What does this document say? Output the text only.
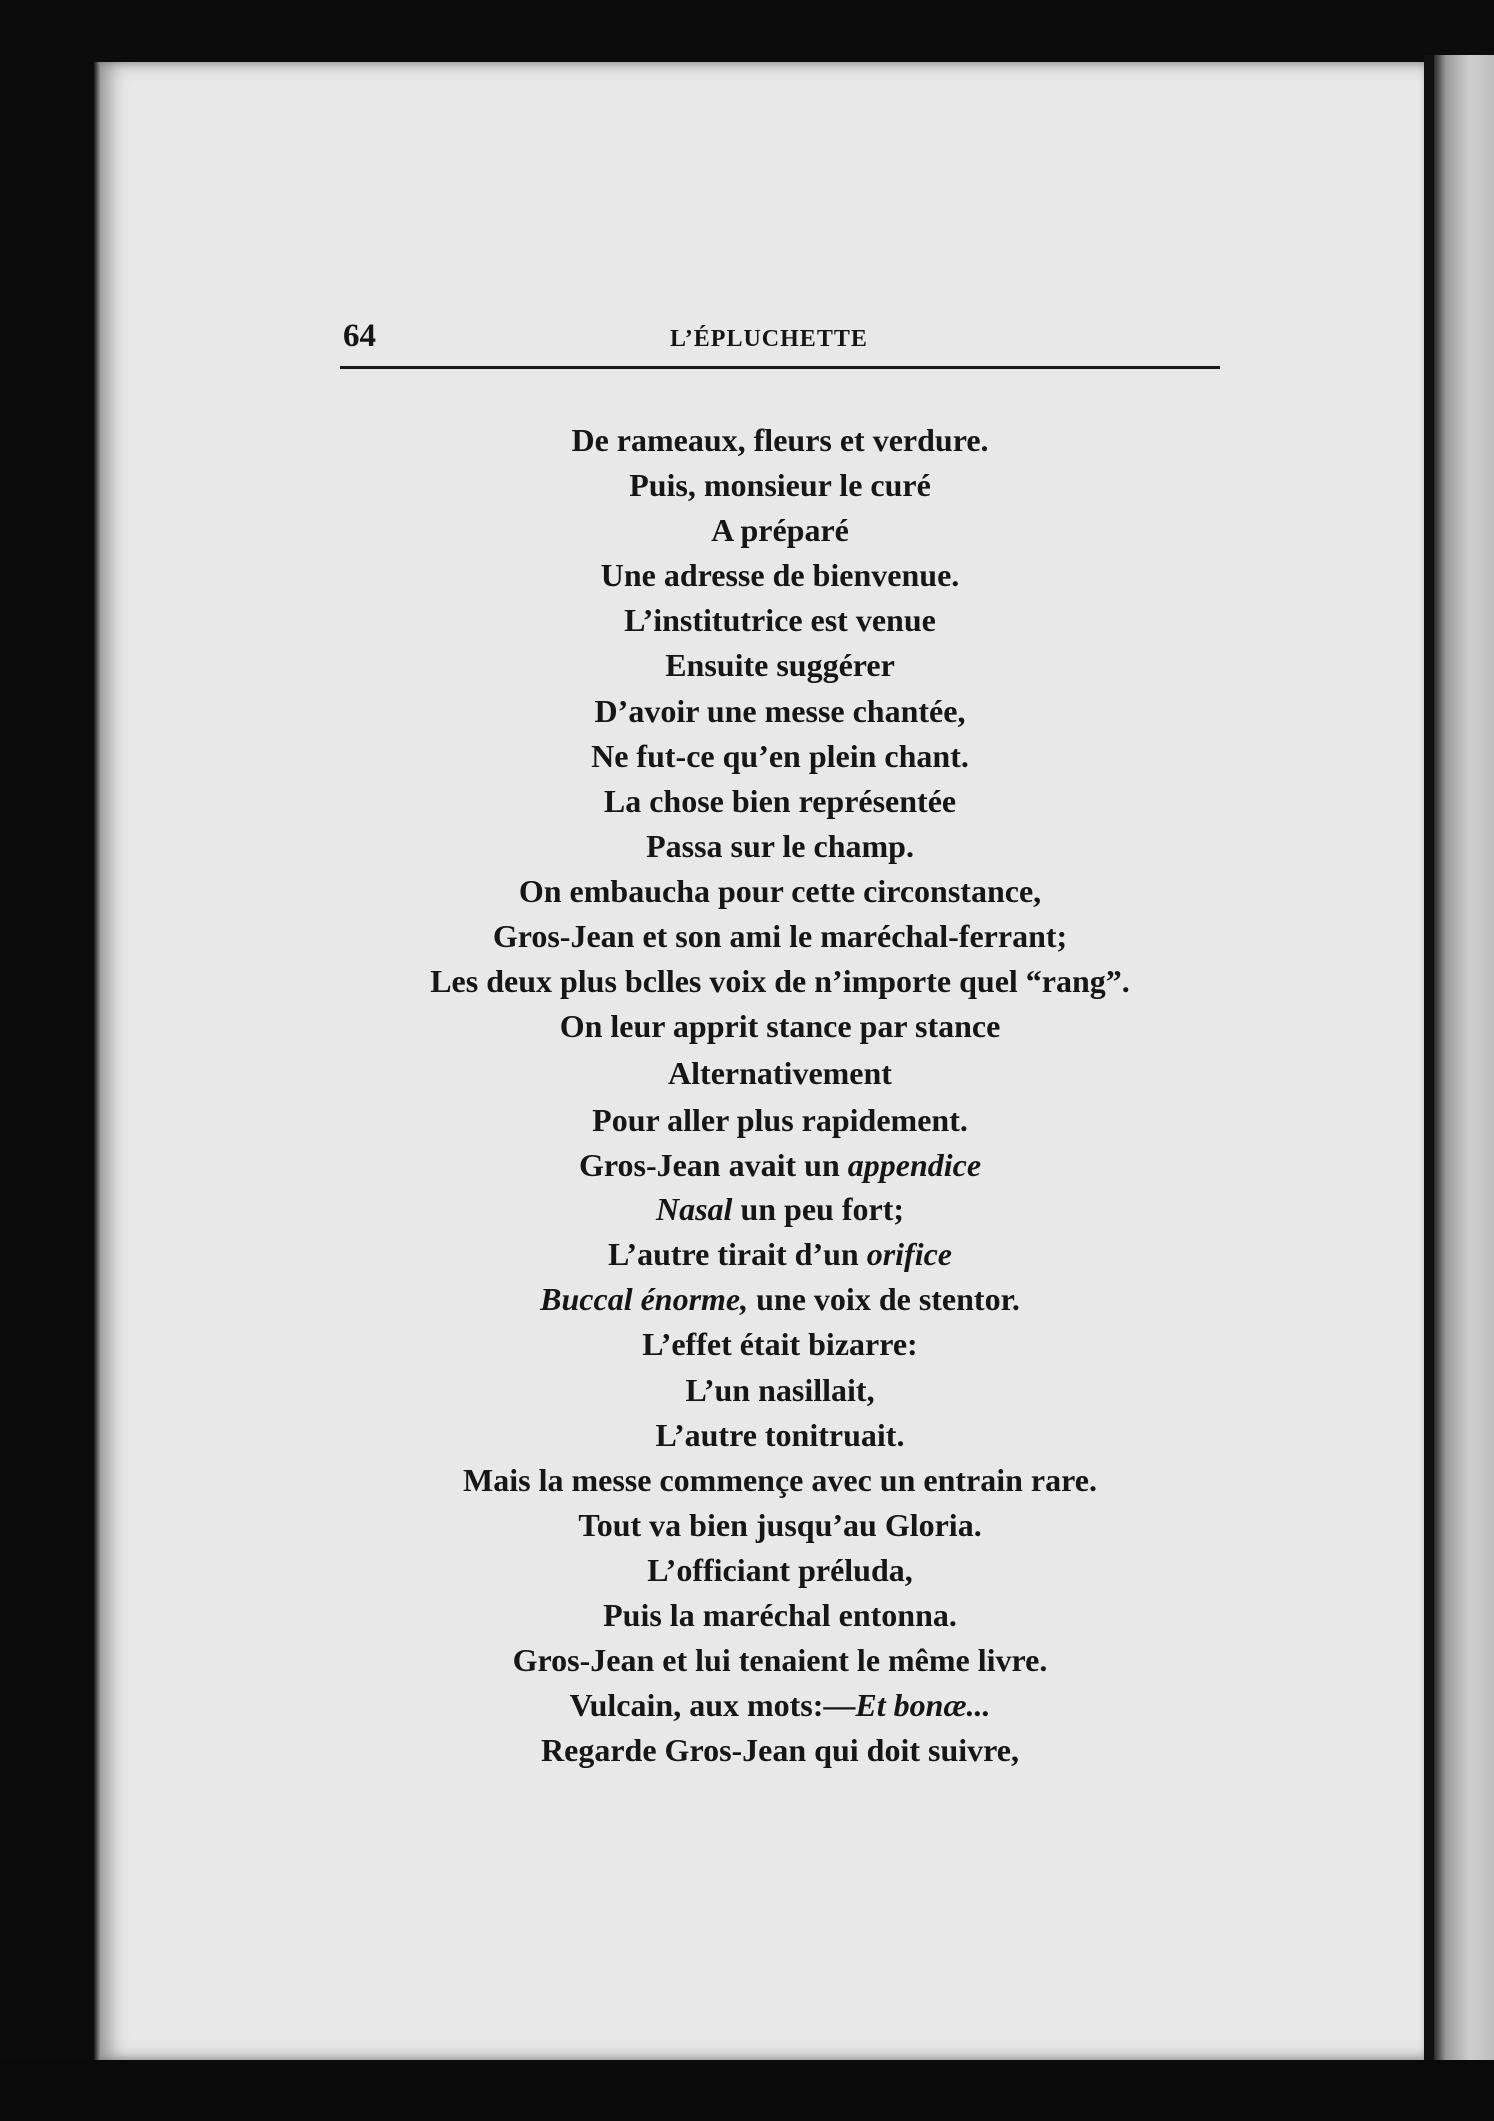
64	L’ÉPLUCHETTE
De rameaux, fleurs et verdure.
Puis, monsieur le curé
A préparé
Une adresse de bienvenue.
L’institutrice est venue
Ensuite suggérer
D’avoir une messe chantée,
Ne fut-ce qu’en plein chant.
La chose bien représentée
Passa sur le champ.
On embaucha pour cette circonstance,
Gros-Jean et son ami le maréchal-ferrant;
Les deux plus bclles voix de n’importe quel “rang”.
On leur apprit stance par stance
Alternativement
Pour aller plus rapidement.
Gros-Jean avait un appendice
Nasal un peu fort;
L’autre tirait d’un orifice
Buccal énorme, une voix de stentor.
L’effet était bizarre:
L’un nasillait,
L’autre tonitruait.
Mais la messe commençe avec un entrain rare.
Tout va bien jusqu’au Gloria.
L’officiant préluda,
Puis la maréchal entonna.
Gros-Jean et lui tenaient le même livre.
Vulcain, aux mots:—Et bonæ...
Regarde Gros-Jean qui doit suivre,
